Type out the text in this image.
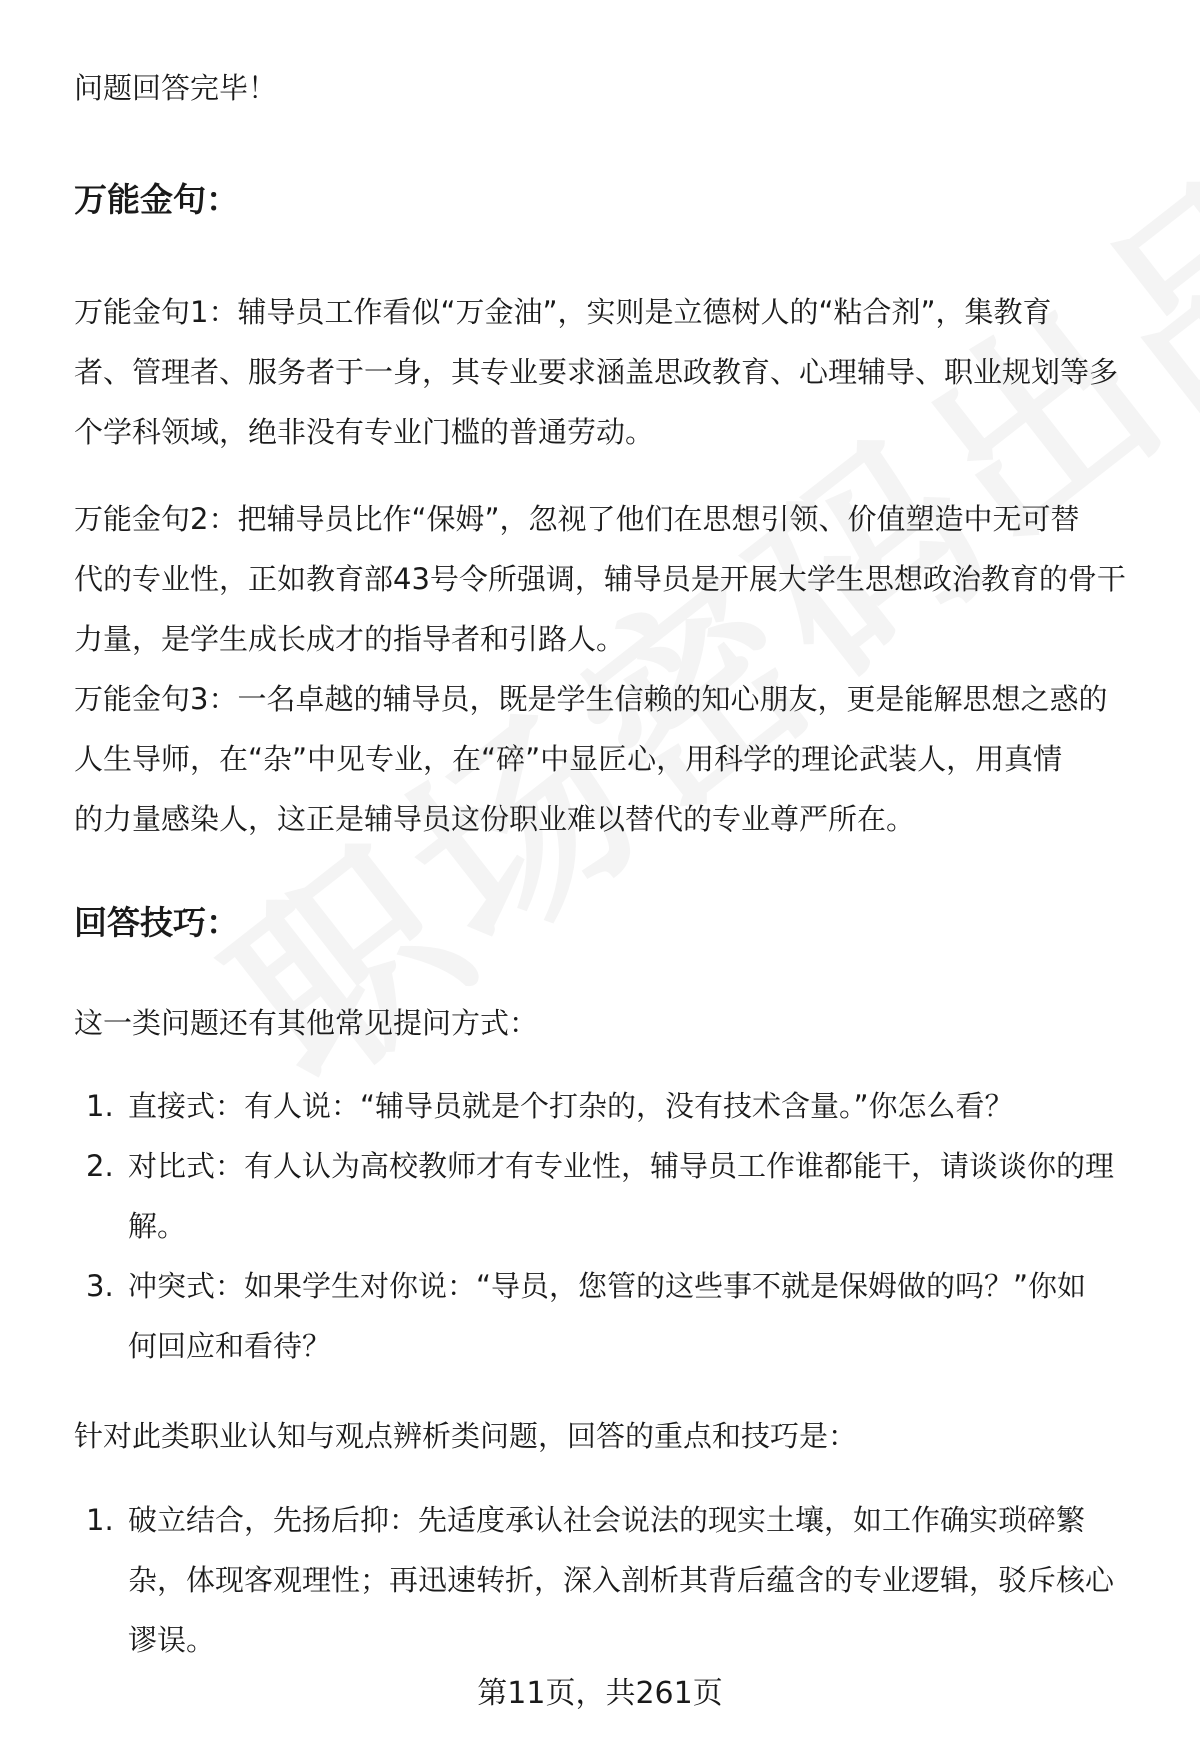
问题回答完毕！

万能金句：

万能金句1：辅导员工作看似“万金油”，实则是立德树人的“粘合剂”，集教育
者、管理者、服务者于一身，其专业要求涵盖思政教育、心理辅导、职业规划等多
个学科领域，绝非没有专业门槛的普通劳动。

万能金句2：把辅导员比作“保姆”，忽视了他们在思想引领、价值塑造中无可替
代的专业性，正如教育部43号令所强调，辅导员是开展大学生思想政治教育的骨干
力量，是学生成长成才的指导者和引路人。

万能金句3：一名卓越的辅导员，既是学生信赖的知心朋友，更是能解思想之惑的
人生导师，在“杂”中见专业，在“碎”中显匠心，用科学的理论武装人，用真情
的力量感染人，这正是辅导员这份职业难以替代的专业尊严所在。

回答技巧：

这一类问题还有其他常见提问方式：

1. 直接式：有人说：“辅导员就是个打杂的，没有技术含量。”你怎么看？
2. 对比式：有人认为高校教师才有专业性，辅导员工作谁都能干，请谈谈你的理
解。
3. 冲突式：如果学生对你说：“导员，您管的这些事不就是保姆做的吗？”你如
何回应和看待？

针对此类职业认知与观点辨析类问题，回答的重点和技巧是：

1. 破立结合，先扬后抑：先适度承认社会说法的现实土壤，如工作确实琐碎繁
杂，体现客观理性；再迅速转折，深入剖析其背后蕴含的专业逻辑，驳斥核心
谬误。
第11页，共261页
